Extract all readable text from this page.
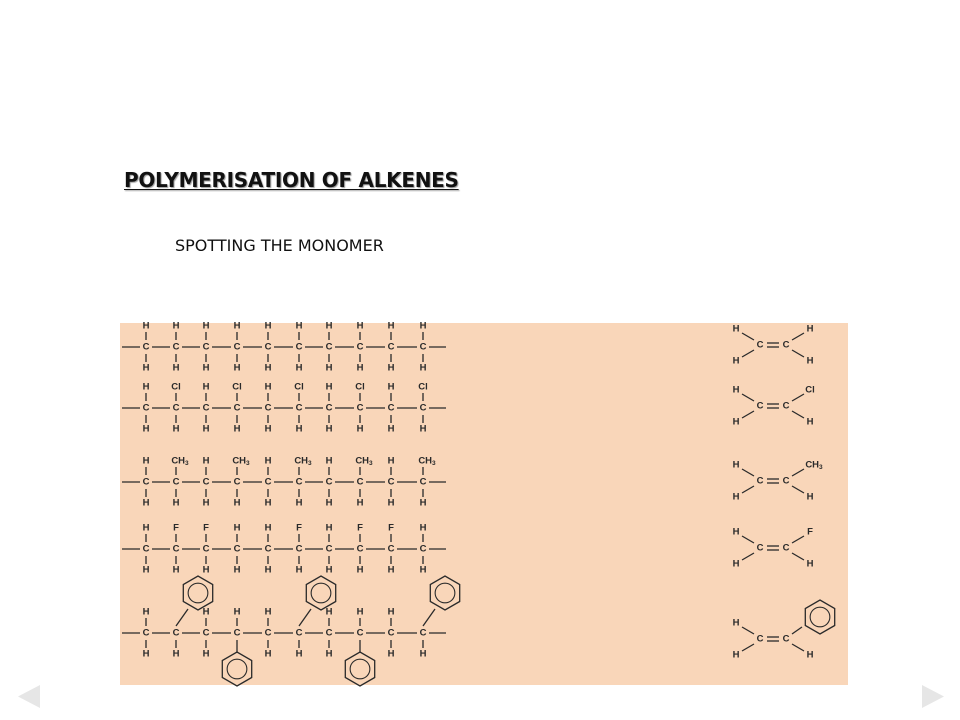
POLYMERISATION OF ALKENES
SPOTTING THE MONOMER
C
H
H
C
H
H
C
H
H
C
H
H
C
H
H
C
H
H
C
H
H
C
H
H
C
H
H
C
H
H
C
H
H
C
Cl
H
C
H
H
C
Cl
H
C
H
H
C
Cl
H
C
H
H
C
Cl
H
C
H
H
C
Cl
H
C
H
H
C
$CH_3$
H
C
H
H
C
$CH_3$
H
C
H
H
C
$CH_3$
H
C
H
H
C
$CH_3$
H
C
H
H
C
$CH_3$
H
C
H
H
C
F
H
C
F
H
C
H
H
C
H
H
C
F
H
C
H
H
C
F
H
C
F
H
C
H
H
C
H
H
C
H
C
H
H
C
H
C
H
H
C
H
C
H
H
C
H
C
H
H
C
H
C C
H
H
H
H
C C
H
H
Cl
H
C C
H
H
$CH_3$
H
C C
H
H
F
H
C C
H
H	H
